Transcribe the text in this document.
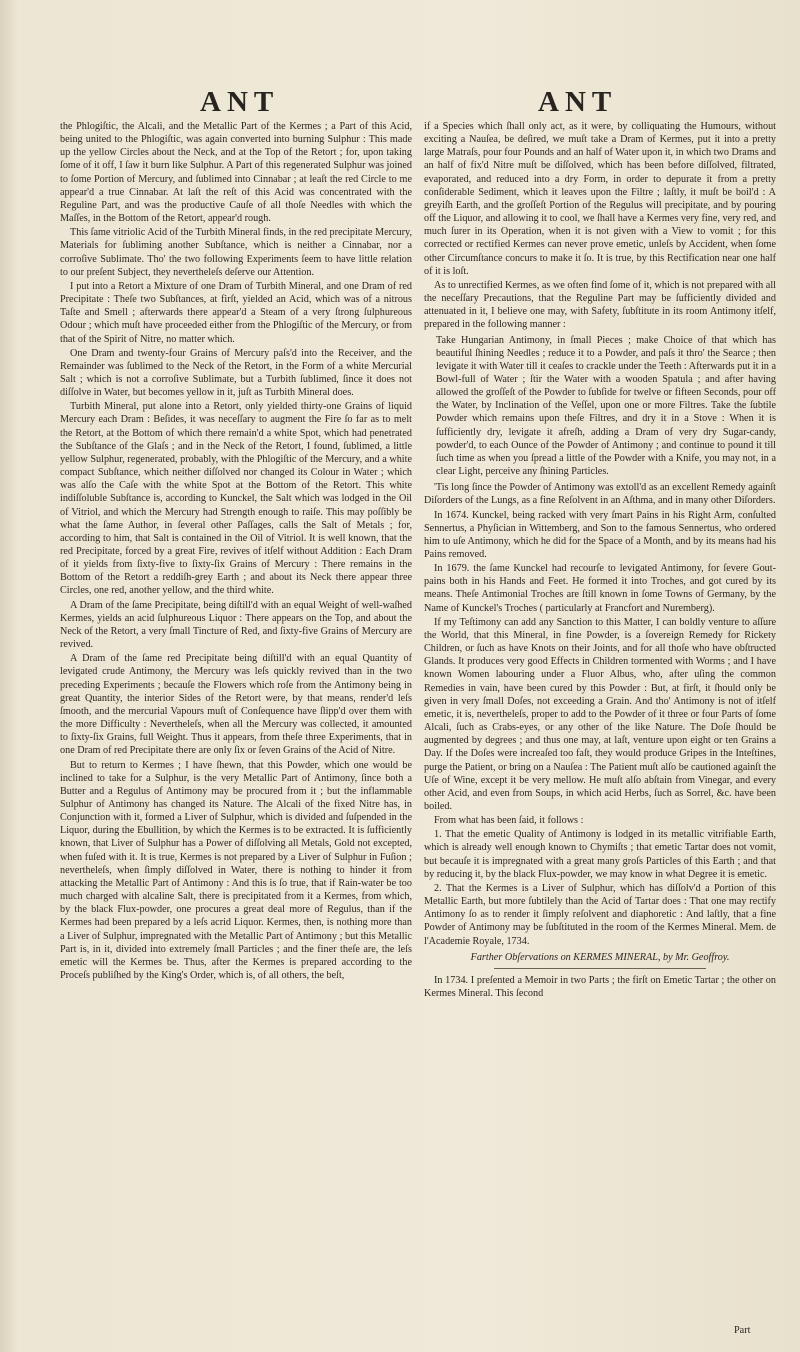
ANT	ANT

the Phlogiſtic, the Alcali, and the Metallic Part of the Kermes ; a Part of this Acid, being united to the Phlogiſtic, was again converted into burning Sulphur : This made up the yellow Circles about the Neck, and at the Top of the Retort ; for, upon taking ſome of it off, I ſaw it burn like Sulphur. A Part of this regenerated Sulphur was joined to ſome Portion of Mercury, and ſublimed into Cinnabar ; at leaſt the red Circle to me appear'd a true Cinnabar. At laſt the reſt of this Acid was concentrated with the Reguline Part, and was the productive Cauſe of all thoſe Needles with which the Maſſes, in the Bottom of the Retort, appear'd rough.

This ſame vitriolic Acid of the Turbith Mineral finds, in the red precipitate Mercury, Materials for ſubliming another Subſtance, which is neither a Cinnabar, nor a corroſive Sublimate. Tho' the two following Experiments ſeem to have little relation to our preſent Subject, they nevertheleſs deſerve our Attention.

I put into a Retort a Mixture of one Dram of Turbith Mineral, and one Dram of red Precipitate : Theſe two Subſtances, at firſt, yielded an Acid, which was of a nitrous Taſte and Smell ; afterwards there appear'd a Steam of a very ſtrong ſulphureous Odour ; which muſt have proceeded either from the Phlogiſtic of the Mercury, or from that of the Spirit of Nitre, no matter which.

One Dram and twenty-four Grains of Mercury paſs'd into the Receiver, and the Remainder was ſublimed to the Neck of the Retort, in the Form of a white Mercurial Salt ; which is not a corroſive Sublimate, but a Turbith ſublimed, ſince it does not diſſolve in Water, but becomes yellow in it, juſt as Turbith Mineral does.

Turbith Mineral, put alone into a Retort, only yielded thirty-one Grains of liquid Mercury each Dram : Beſides, it was neceſſary to augment the Fire ſo far as to melt the Retort, at the Bottom of which there remain'd a white Spot, which had penetrated the Subſtance of the Glaſs ; and in the Neck of the Retort, I found, ſublimed, a little yellow Sulphur, regenerated, probably, with the Phlogiſtic of the Mercury, and a white compact Subſtance, which neither diſſolved nor changed its Colour in Water ; which was alſo the Caſe with the white Spot at the Bottom of the Retort. This white indiſſoluble Subſtance is, according to Kunckel, the Salt which was lodged in the Oil of Vitriol, and which the Mercury had Strength enough to raiſe. This may poſſibly be what the ſame Author, in ſeveral other Paſſages, calls the Salt of Metals ; for, according to him, that Salt is contained in the Oil of Vitriol. It is well known, that the red Precipitate, forced by a great Fire, revives of itſelf without Addition : Each Dram of it yields from ſixty-five to ſixty-ſix Grains of Mercury : There remains in the Bottom of the Retort a reddiſh-grey Earth ; and about its Neck there appear three Circles, one red, another yellow, and the third white.

A Dram of the ſame Precipitate, being diſtill'd with an equal Weight of well-waſhed Kermes, yields an acid ſulphureous Liquor : There appears on the Top, and about the Neck of the Retort, a very ſmall Tincture of Red, and ſixty-five Grains of Mercury are revived.

A Dram of the ſame red Precipitate being diſtill'd with an equal Quantity of levigated crude Antimony, the Mercury was leſs quickly revived than in the two preceding Experiments ; becauſe the Flowers which roſe from the Antimony being in great Quantity, the interior Sides of the Retort were, by that means, render'd leſs ſmooth, and the mercurial Vapours muſt of Conſequence have ſlipp'd over them with the more Difficulty : Nevertheleſs, when all the Mercury was collected, it amounted to ſixty-ſix Grains, full Weight. Thus it appears, from theſe three Experiments, that in one Dram of red Precipitate there are only ſix or ſeven Grains of the Acid of Nitre.

But to return to Kermes ; I have ſhewn, that this Powder, which one would be inclined to take for a Sulphur, is the very Metallic Part of Antimony, ſince both a Butter and a Regulus of Antimony may be procured from it ; but the inflammable Sulphur of Antimony has changed its Nature. The Alcali of the fixed Nitre has, in Conjunction with it, formed a Liver of Sulphur, which is divided and ſuſpended in the Liquor, during the Ebullition, by which the Kermes is to be extracted. It is ſufficiently known, that Liver of Sulphur has a Power of diſſolving all Metals, Gold not excepted, when fuſed with it. It is true, Kermes is not prepared by a Liver of Sulphur in Fuſion ; nevertheleſs, when ſimply diſſolved in Water, there is nothing to hinder it from attacking the Metallic Part of Antimony : And this is ſo true, that if Rain-water be too much charged with alcaline Salt, there is precipitated from it a Kermes, from which, by the black Flux-powder, one procures a great deal more of Regulus, than if the Kermes had been prepared by a leſs acrid Liquor. Kermes, then, is nothing more than a Liver of Sulphur, impregnated with the Metallic Part of Antimony ; but this Metallic Part is, in it, divided into extremely ſmall Particles ; and the finer theſe are, the leſs emetic will the Kermes be. Thus, after the Kermes is prepared according to the Proceſs publiſhed by the King's Order, which is, of all others, the beſt,

if a Species which ſhall only act, as it were, by colliquating the Humours, without exciting a Nauſea, be deſired, we muſt take a Dram of Kermes, put it into a pretty large Matraſs, pour four Pounds and an half of Water upon it, in which two Drams and an half of fix'd Nitre muſt be diſſolved, which has been before diſſolved, filtrated, evaporated, and reduced into a dry Form, in order to depurate it from a pretty conſiderable Sediment, which it leaves upon the Filtre ; laſtly, it muſt be boil'd : A greyiſh Earth, and the groſſeſt Portion of the Regulus will precipitate, and by pouring off the Liquor, and allowing it to cool, we ſhall have a Kermes very fine, very red, and much ſurer in its Operation, when it is not given with a View to vomit ; for this corrected or rectified Kermes can never prove emetic, unleſs by Accident, when ſome other Circumſtance concurs to make it ſo. It is true, by this Rectification near one half of it is loſt.

As to unrectified Kermes, as we often find ſome of it, which is not prepared with all the neceſſary Precautions, that the Reguline Part may be ſufficiently divided and attenuated in it, I believe one may, with Safety, ſubſtitute in its room Antimony itſelf, prepared in the following manner :

Take Hungarian Antimony, in ſmall Pieces ; make Choice of that which has beautiful ſhining Needles ; reduce it to a Powder, and paſs it thro' the Searce ; then levigate it with Water till it ceaſes to crackle under the Teeth : Afterwards put it in a Bowl-full of Water ; ſtir the Water with a wooden Spatula ; and after having allowed the groſſeſt of the Powder to ſubſide for twelve or fifteen Seconds, pour off the Water, by Inclination of the Veſſel, upon one or more Filtres. Take the ſubtile Powder which remains upon theſe Filtres, and dry it in a Stove : When it is ſufficiently dry, levigate it afreſh, adding a Dram of very dry Sugar-candy, powder'd, to each Ounce of the Powder of Antimony ; and continue to pound it till ſuch time as when you ſpread a little of the Powder with a Knife, you may not, in a clear Light, perceive any ſhining Particles.

'Tis long ſince the Powder of Antimony was extoll'd as an excellent Remedy againſt Diſorders of the Lungs, as a fine Reſolvent in an Aſthma, and in many other Diſorders.

In 1674. Kunckel, being racked with very ſmart Pains in his Right Arm, conſulted Sennertus, a Phyſician in Wittemberg, and Son to the famous Sennertus, who ordered him to uſe Antimony, which he did for the Space of a Month, and by its means had his Pains removed.

In 1679. the ſame Kunckel had recourſe to levigated Antimony, for ſevere Gout-pains both in his Hands and Feet. He formed it into Troches, and got cured by its means. Theſe Antimonial Troches are ſtill known in ſome Towns of Germany, by the Name of Kunckel's Troches ( particularly at Francfort and Nuremberg).

If my Teſtimony can add any Sanction to this Matter, I can boldly venture to aſſure the World, that this Mineral, in fine Powder, is a ſovereign Remedy for Rickety Children, or ſuch as have Knots on their Joints, and for all thoſe who have obſtructed Glands. It produces very good Effects in Children tormented with Worms ; and I have known Women labouring under a Fluor Albus, who, after uſing the common Remedies in vain, have been cured by this Powder : But, at firſt, it ſhould only be given in very ſmall Doſes, not exceeding a Grain. And tho' Antimony is not of itſelf emetic, it is, nevertheleſs, proper to add to the Powder of it three or four Parts of ſome Alcali, ſuch as Crabs-eyes, or any other of the like Nature. The Doſe ſhould be augmented by degrees ; and thus one may, at laſt, venture upon eight or ten Grains a Day. If the Doſes were increaſed too faſt, they would produce Gripes in the Inteſtines, purge the Patient, or bring on a Nauſea : The Patient muſt alſo be cautioned againſt the Uſe of Wine, except it be very mellow. He muſt alſo abſtain from Vinegar, and every other Acid, and even from Soups, in which acid Herbs, ſuch as Sorrel, &c. have been boiled.

From what has been ſaid, it follows :

1. That the emetic Quality of Antimony is lodged in its metallic vitrifiable Earth, which is already well enough known to Chymiſts ; that emetic Tartar does not vomit, but becauſe it is impregnated with a great many groſs Particles of this Earth ; and that by reducing it, by the black Flux-powder, we may know in what Degree it is emetic.

2. That the Kermes is a Liver of Sulphur, which has diſſolv'd a Portion of this Metallic Earth, but more ſubtilely than the Acid of Tartar does : That one may rectify Antimony ſo as to render it ſimply reſolvent and diaphoretic : And laſtly, that a fine Powder of Antimony may be ſubſtituted in the room of the Kermes Mineral. Mem. de l'Academie Royale, 1734.

Farther Obſervations on KERMES MINERAL, by Mr. Geoffroy.

In 1734. I preſented a Memoir in two Parts ; the firſt on Emetic Tartar ; the other on Kermes Mineral. This ſecond

Part
